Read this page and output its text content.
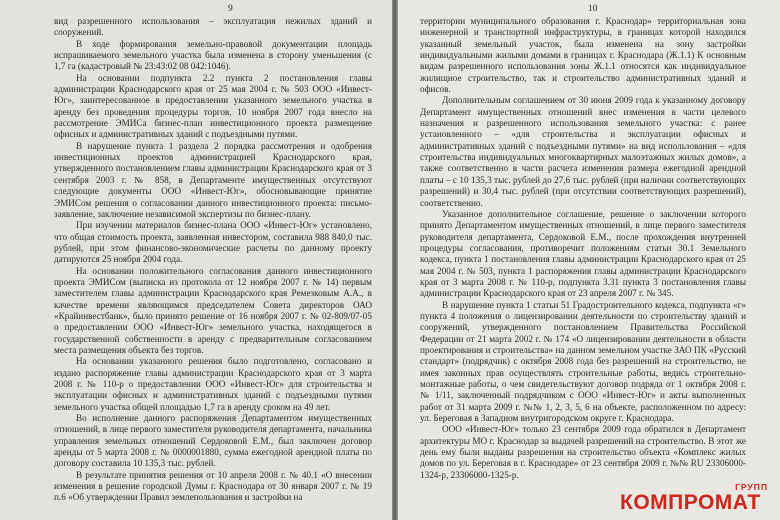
9

вид разрешенного использования – эксплуатация нежилых зданий и сооружений.

В ходе формирования земельно-правовой документации площадь испрашиваемого земельного участка была изменена в сторону уменьшения (с 1,7 га (кадастровый № 23:43:02 08 042:1046).

На основании подпункта 2.2 пункта 2 постановления главы администрации Краснодарского края от 25 мая 2004 г. № 503 ООО «Инвест-Юг», заинтересованное в предоставлении указанного земельного участка в аренду без проведения процедуры торгов, 10 ноября 2007 года внесло на рассмотрение ЭМИСа бизнес-план инвестиционного проекта размещение офисных и административных зданий с подъездными путями.

В нарушение пункта 1 раздела 2 порядка рассмотрения и одобрения инвестиционных проектов администрацией Краснодарского края, утвержденного постановлением главы администрации Краснодарского края от 3 сентября 2003 г. № 858, в Департаменте имущественных отсутствуют следующие документы ООО «Инвест-Юг», обосновывающие принятие ЭМИСом решения о согласовании данного инвестиционного проекта: письмо-заявление, заключение независимой экспертизы по бизнес-плану.

При изучении материалов бизнес-плана ООО «Инвест-Юг» установлено, что общая стоимость проекта, заявленная инвестором, составила 988 840,0 тыс. рублей, при этом финансово-экономические расчеты по данному проекту датируются 25 ноября 2004 года.

На основании положительного согласования данного инвестиционного проекта ЭМИСом (выписка из протокола от 12 ноября 2007 г. № 14) первым заместителем главы администрации Краснодарского края Ремезковым А.А., в качестве времени являющимся председателем Совета директоров ОАО «Крайинвестбанк», было принято решение от 16 ноября 2007 г. № 02-809/07-05 о предоставлении ООО «Инвест-Юг» земельного участка, находящегося в государственной собственности в аренду с предварительным согласованием места размещения объекта без торгов.

На основании указанного решения было подготовлено, согласовано и издано распоряжение главы администрации Краснодарского края от 3 марта 2008 г. № 110-р о предоставлении ООО «Инвест-Юг» для строительства и эксплуатации офисных и административных зданий с подъездными путями земельного участка общей площадью 1,7 га в аренду сроком на 49 лет.

Во исполнение данного распоряжения Департаментом имущественных отношений, в лице первого заместителя руководителя департамента, начальника управления земельных отношений Сердоковой Е.М., был заключен договор аренды от 5 марта 2008 г. № 0000001880, сумма ежегодной арендной платы по договору составила 10 135,3 тыс. рублей.

В результате принятия решения от 10 апреля 2008 г. № 40.1 «О внесении изменения в решение городской Думы г. Краснодара от 30 января 2007 г. № 19 п.6 «Об утверждении Правил землепользования и застройки на

10

территории муниципального образования г. Краснодар» территориальная зона инженерной и транспортной инфраструктуры, в границах которой находился указанный земельный участок, была изменена на зону застройки индивидуальными жилыми домами в границах г. Краснодара (Ж.1.1) К основным видам разрешенного использования зоны Ж.1.1 относятся как индивидуальное жилищное строительство, так и строительство административных зданий и офисов.

Дополнительным соглашением от 30 июня 2009 года к указанному договору Департамент имущественных отношений внес изменения в части целевого назначения и разрешенного использования земельного участка: с ранее установленного – «для строительства и эксплуатации офисных и административных зданий с подъездными путями» на вид использования – «для строительства индивидуальных многоквартирных малоэтажных жилых домов», а также соответственно в части расчета изменения размера ежегодной арендной платы – с 10 135,3 тыс. рублей до 27,6 тыс. рублей (при наличии соответствующих разрешений) и 30,4 тыс. рублей (при отсутствии соответствующих разрешений), соответственно.

Указанное дополнительное соглашение, решение о заключении которого принято Департаментом имущественных отношений, в лице первого заместителя руководителя департамента, Сердоковой Е.М., после прохождения внутренней процедуры согласования, противоречит положениям статьи 30.1 Земельного кодекса, пункта 1 постановления главы администрации Краснодарского края от 25 мая 2004 г. № 503, пункта 1 распоряжения главы администрации Краснодарского края от 3 марта 2008 г. № 110-р, подпункта 3.31 пункта 3 постановления главы администрации Краснодарского края от 23 апреля 2007 г. № 345.

В нарушение пункта 1 статьи 51 Градостроительного кодекса, подпункта «г» пункта 4 положения о лицензировании деятельности по строительству зданий и сооружений, утвержденного постановлением Правительства Российской Федерации от 21 марта 2002 г. № 174 «О лицензировании деятельности в области проектирования и строительства» на данном земельном участке ЗАО ПК «Русский стандарт» (подрядчик) с октября 2008 года без разрешений на строительство, не имея законных прав осуществлять строительные работы, ведись строительно-монтажные работы, о чем свидетельствуют договор подряда от 1 октября 2008 г. № 1/11, заключенный подрядчиком с ООО «Инвест-Юг» и акты выполненных работ от 31 марта 2009 г. №№ 1, 2, 3, 5, 6 на объекте, расположенном по адресу: ул. Береговая в Западном внутригородском округе г. Краснодара.

ООО «Инвест-Юг» только 23 сентября 2009 года обратился в Департамент архитектуры МО г. Краснодар за выдачей разрешений на строительство. В этот же день ему были выданы разрешения на строительство объекта «Комплекс жилых домов по ул. Береговая в г. Краснодаре» от 23 сентября 2009 г. №№ RU 23306000-1324-р, 23306000-1325-р.

ГРУПП
КОМПРОМАТ
